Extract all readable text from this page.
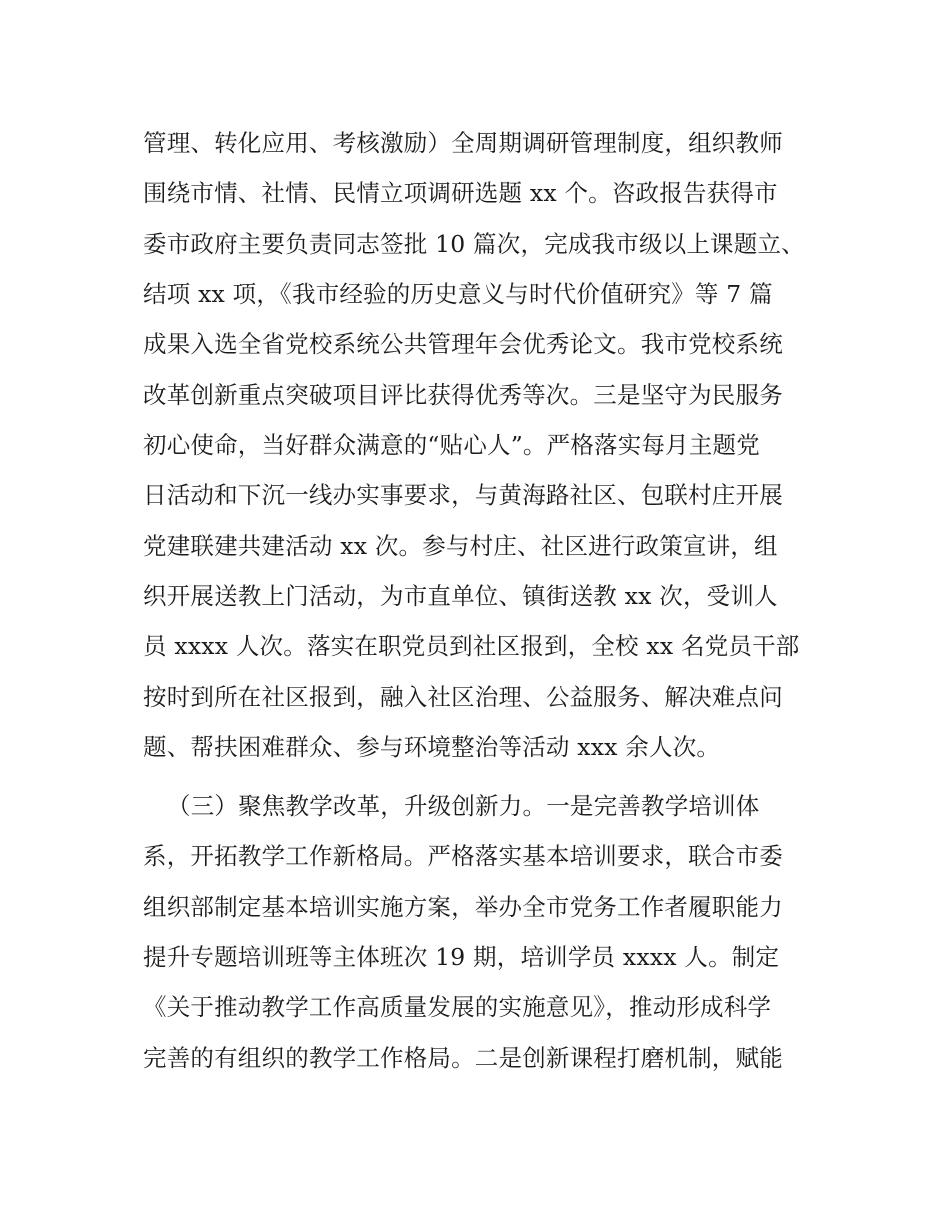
管理、转化应用、考核激励）全周期调研管理制度，组织教师
围绕市情、社情、民情立项调研选题 xx 个。咨政报告获得市
委市政府主要负责同志签批 10 篇次，完成我市级以上课题立、
结项 xx 项，《我市经验的历史意义与时代价值研究》等 7 篇
成果入选全省党校系统公共管理年会优秀论文。我市党校系统
改革创新重点突破项目评比获得优秀等次。三是坚守为民服务
初心使命，当好群众满意的“贴心人”。严格落实每月主题党
日活动和下沉一线办实事要求，与黄海路社区、包联村庄开展
党建联建共建活动 xx 次。参与村庄、社区进行政策宣讲，组
织开展送教上门活动，为市直单位、镇街送教 xx 次，受训人
员 xxxx 人次。落实在职党员到社区报到，全校 xx 名党员干部
按时到所在社区报到，融入社区治理、公益服务、解决难点问
题、帮扶困难群众、参与环境整治等活动 xxx 余人次。
（三）聚焦教学改革，升级创新力。一是完善教学培训体
系，开拓教学工作新格局。严格落实基本培训要求，联合市委
组织部制定基本培训实施方案，举办全市党务工作者履职能力
提升专题培训班等主体班次 19 期，培训学员 xxxx 人。制定
《关于推动教学工作高质量发展的实施意见》，推动形成科学
完善的有组织的教学工作格局。二是创新课程打磨机制，赋能
